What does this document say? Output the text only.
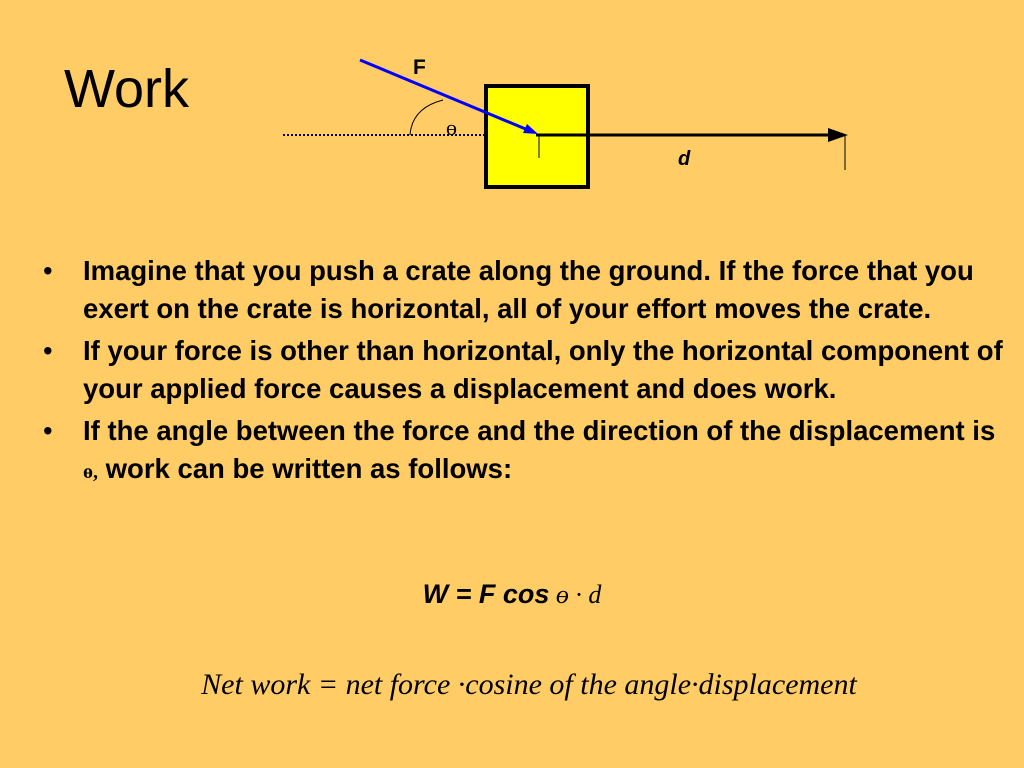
Work	F
ɵ
d
• Imagine that you push a crate along the ground. If the force that you exert on the crate is horizontal, all of your effort moves the crate.
• If your force is other than horizontal, only the horizontal component of your applied force causes a displacement and does work.
• If the angle between the force and the direction of the displacement is ɵ, work can be written as follows:
W = F cos ɵ · d
Net work = net force ·cosine of the angle·displacement
